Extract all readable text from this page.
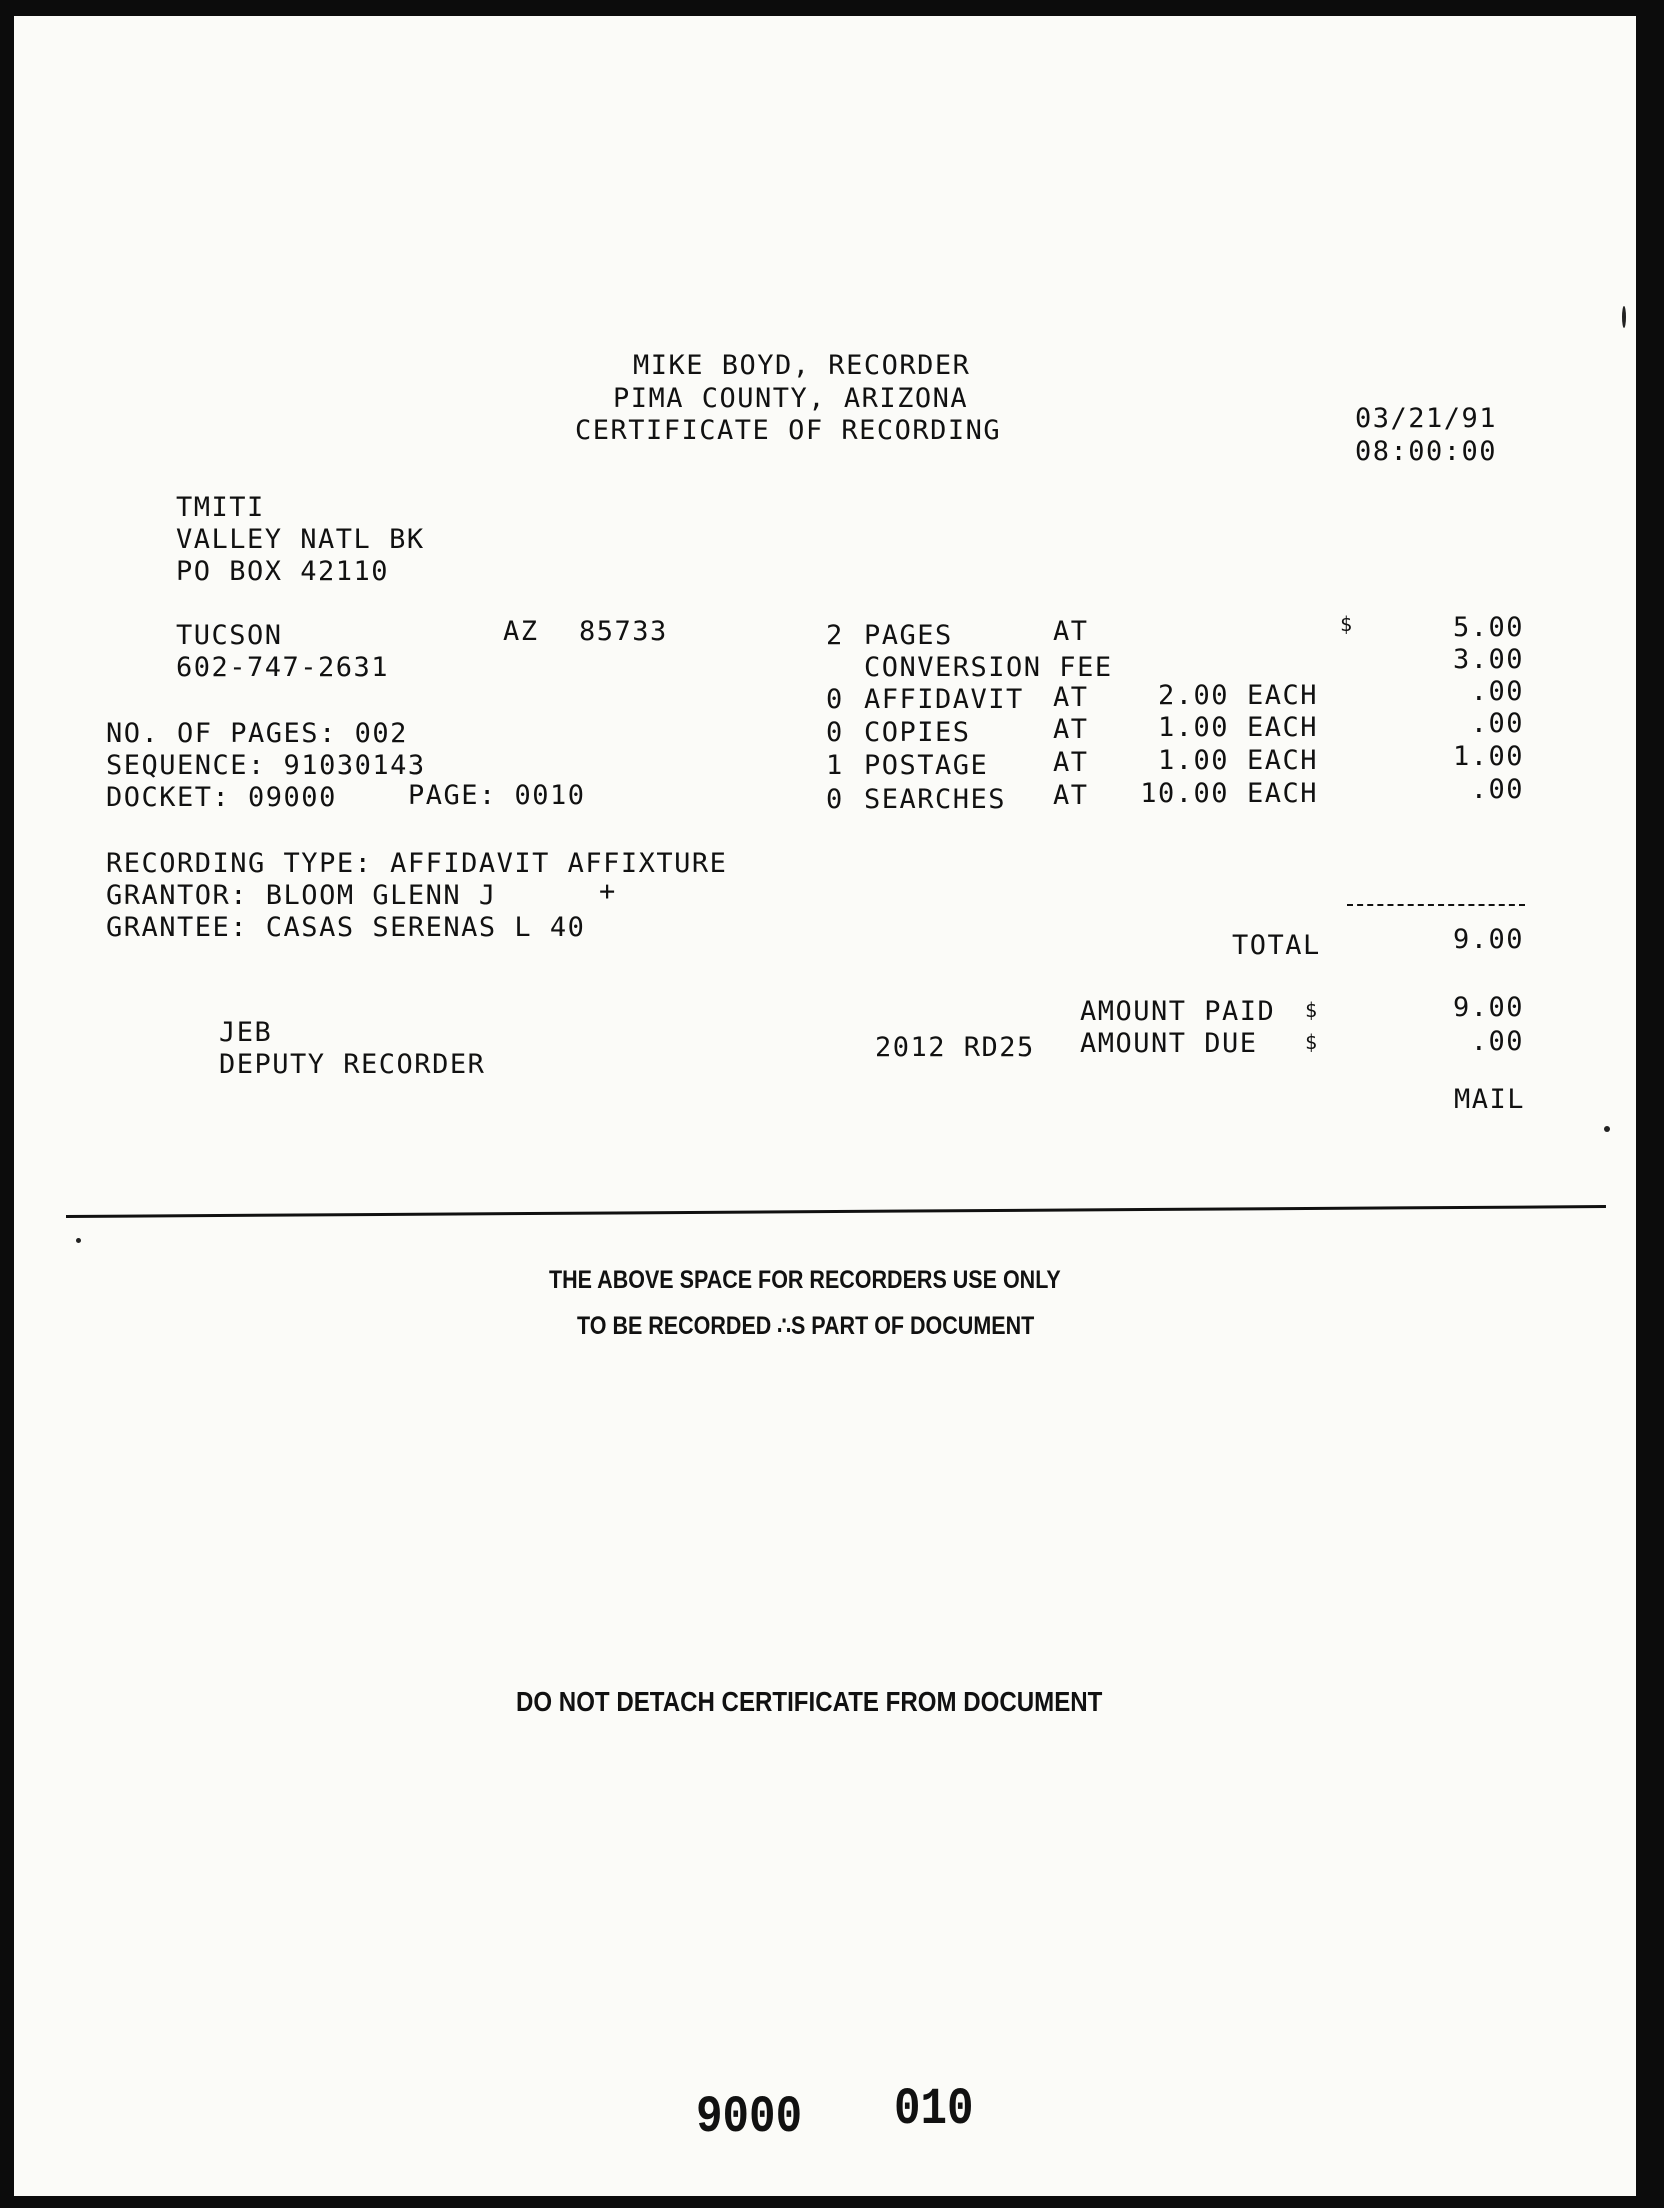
MIKE BOYD, RECORDER
PIMA COUNTY, ARIZONA
CERTIFICATE OF RECORDING	03/21/91
08:00:00
TMITI
VALLEY NATL BK
PO BOX 42110
TUCSON	AZ 85733
602-747-2631
NO. OF PAGES: 002
SEQUENCE: 91030143
DOCKET: 09000	PAGE: 0010
RECORDING TYPE: AFFIDAVIT AFFIXTURE
GRANTOR: BLOOM GLENN J	+
GRANTEE: CASAS SERENAS L 40
$
2 PAGES	AT	5.00
CONVERSION FEE	3.00
0 AFFIDAVIT AT	2.00 EACH	.00
0 COPIES	AT	1.00 EACH	.00
1 POSTAGE AT	1.00 EACH	1.00
0 SEARCHES AT	10.00 EACH	.00
TOTAL	9.00
AMOUNT PAID $	9.00
2012 RD25 AMOUNT DUE $	.00
MAIL
JEB
DEPUTY RECORDER
THE ABOVE SPACE FOR RECORDERS USE ONLY
TO BE RECORDED ∴S PART OF DOCUMENT
DO NOT DETACH CERTIFICATE FROM DOCUMENT
9000 010
